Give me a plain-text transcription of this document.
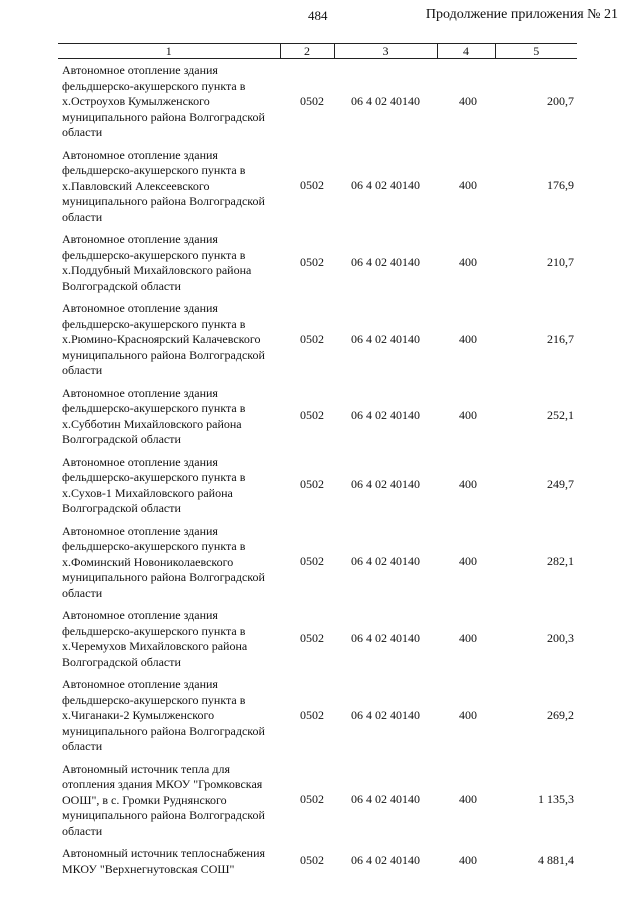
484	Продолжение приложения № 21
1	2	3	4	5
Автономное отопление здания фельдшерско-акушерского пункта в х.Остроухов Кумылженского муниципального района Волгоградской области	0502	06 4 02 40140	400	200,7
Автономное отопление здания фельдшерско-акушерского пункта в х.Павловский Алексеевского муниципального района Волгоградской области	0502	06 4 02 40140	400	176,9
Автономное отопление здания фельдшерско-акушерского пункта в х.Поддубный Михайловского района Волгоградской области	0502	06 4 02 40140	400	210,7
Автономное отопление здания фельдшерско-акушерского пункта в х.Рюмино-Красноярский Калачевского муниципального района Волгоградской области	0502	06 4 02 40140	400	216,7
Автономное отопление здания фельдшерско-акушерского пункта в х.Субботин Михайловского района Волгоградской области	0502	06 4 02 40140	400	252,1
Автономное отопление здания фельдшерско-акушерского пункта в х.Сухов-1 Михайловского района Волгоградской области	0502	06 4 02 40140	400	249,7
Автономное отопление здания фельдшерско-акушерского пункта в х.Фоминский Новониколаевского муниципального района Волгоградской области	0502	06 4 02 40140	400	282,1
Автономное отопление здания фельдшерско-акушерского пункта в х.Черемухов Михайловского района Волгоградской области	0502	06 4 02 40140	400	200,3
Автономное отопление здания фельдшерско-акушерского пункта в х.Чиганаки-2 Кумылженского муниципального района Волгоградской области	0502	06 4 02 40140	400	269,2
Автономный источник тепла для отопления здания МКОУ "Громковская ООШ", в с. Громки Руднянского муниципального района Волгоградской области	0502	06 4 02 40140	400	1 135,3
Автономный источник теплоснабжения МКОУ "Верхнегнутовская СОШ"	0502	06 4 02 40140	400	4 881,4
